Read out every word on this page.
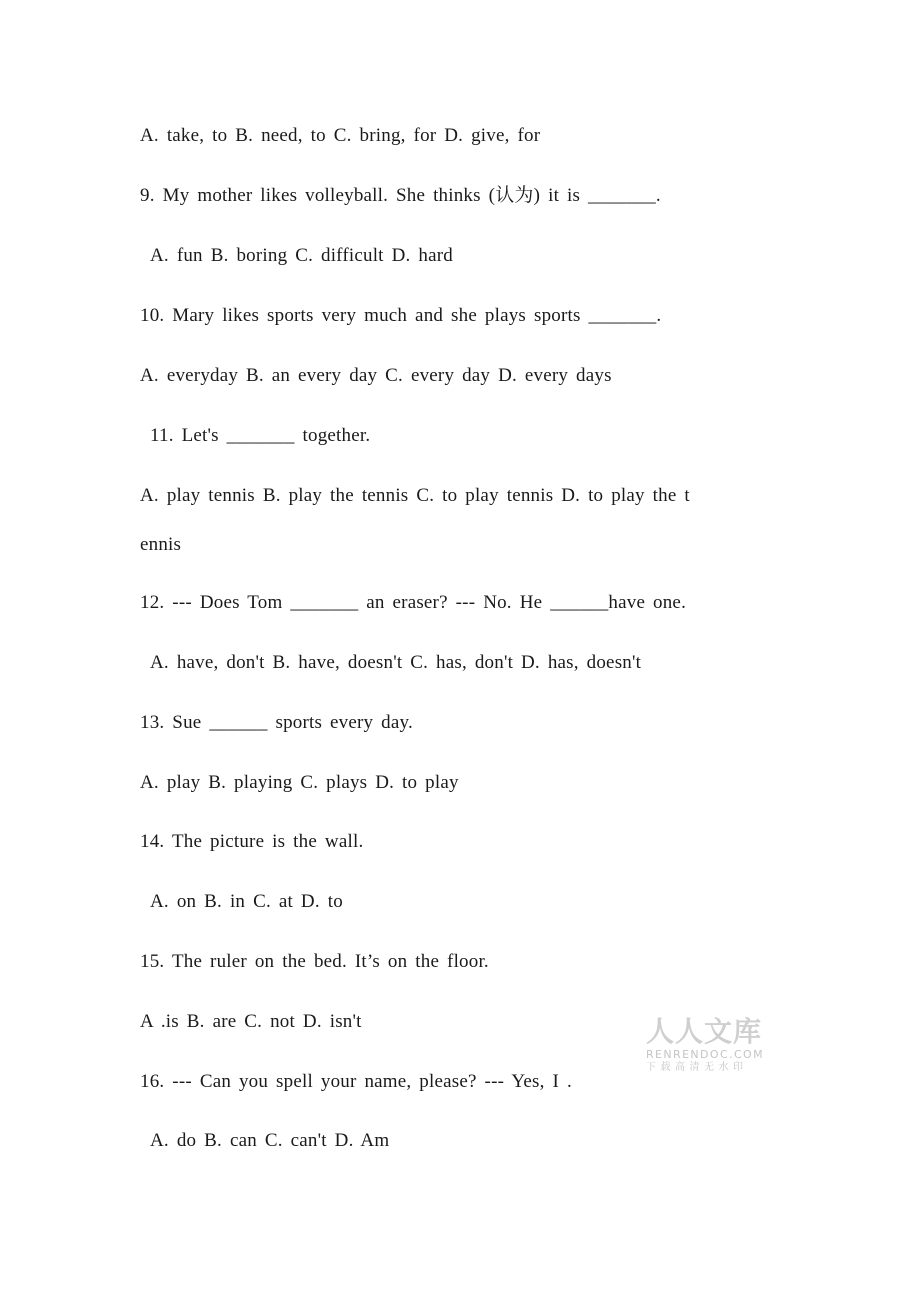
A. take, to B. need, to C. bring, for D. give, for
9. My mother likes volleyball. She thinks (认为) it is _______.
A. fun B. boring C. difficult D. hard
10. Mary likes sports very much and she plays sports _______.
A. everyday B. an every day C. every day D. every days
11. Let's _______ together.
A. play tennis B. play the tennis C. to play tennis D. to play the t
ennis
12. --- Does Tom _______ an eraser? --- No. He ______have one.
A. have, don't B. have, doesn't C. has, don't D. has, doesn't
13. Sue ______ sports every day.
A. play B. playing C. plays D. to play
14. The picture is the wall.
A. on B. in C. at D. to
15. The ruler on the bed. It’s on the floor.
A .is B. are C. not D. isn't
16. --- Can you spell your name, please? --- Yes, I .
A. do B. can C. can't D. Am
人人文库
RENRENDOC.COM
下载高清无水印
